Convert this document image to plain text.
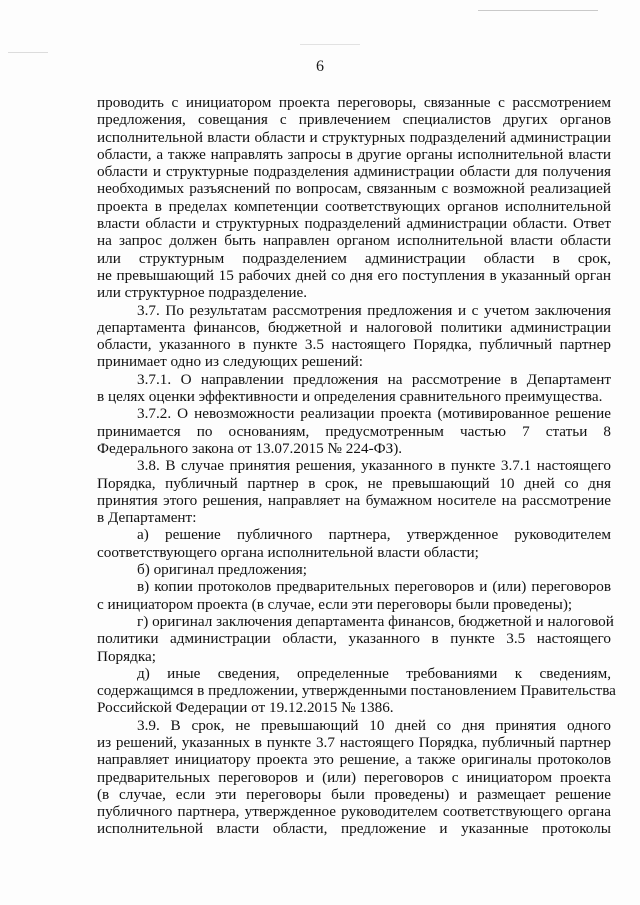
6
проводить с инициатором проекта переговоры, связанные с рассмотрением
предложения, совещания с привлечением специалистов других органов
исполнительной власти области и структурных подразделений администрации
области, а также направлять запросы в другие органы исполнительной власти
области и структурные подразделения администрации области для получения
необходимых разъяснений по вопросам, связанным с возможной реализацией
проекта в пределах компетенции соответствующих органов исполнительной
власти области и структурных подразделений администрации области. Ответ
на запрос должен быть направлен органом исполнительной власти области
или структурным подразделением администрации области в срок,
не превышающий 15 рабочих дней со дня его поступления в указанный орган
или структурное подразделение.
3.7. По результатам рассмотрения предложения и с учетом заключения
департамента финансов, бюджетной и налоговой политики администрации
области, указанного в пункте 3.5 настоящего Порядка, публичный партнер
принимает одно из следующих решений:
3.7.1. О направлении предложения на рассмотрение в Департамент
в целях оценки эффективности и определения сравнительного преимущества.
3.7.2. О невозможности реализации проекта (мотивированное решение
принимается по основаниям, предусмотренным частью 7 статьи 8
Федерального закона от 13.07.2015 № 224-ФЗ).
3.8. В случае принятия решения, указанного в пункте 3.7.1 настоящего
Порядка, публичный партнер в срок, не превышающий 10 дней со дня
принятия этого решения, направляет на бумажном носителе на рассмотрение
в Департамент:
а) решение публичного партнера, утвержденное руководителем
соответствующего органа исполнительной власти области;
б) оригинал предложения;
в) копии протоколов предварительных переговоров и (или) переговоров
с инициатором проекта (в случае, если эти переговоры были проведены);
г) оригинал заключения департамента финансов, бюджетной и налоговой
политики администрации области, указанного в пункте 3.5 настоящего
Порядка;
д) иные сведения, определенные требованиями к сведениям,
содержащимся в предложении, утвержденными постановлением Правительства
Российской Федерации от 19.12.2015 № 1386.
3.9. В срок, не превышающий 10 дней со дня принятия одного
из решений, указанных в пункте 3.7 настоящего Порядка, публичный партнер
направляет инициатору проекта это решение, а также оригиналы протоколов
предварительных переговоров и (или) переговоров с инициатором проекта
(в случае, если эти переговоры были проведены) и размещает решение
публичного партнера, утвержденное руководителем соответствующего органа
исполнительной власти области, предложение и указанные протоколы
